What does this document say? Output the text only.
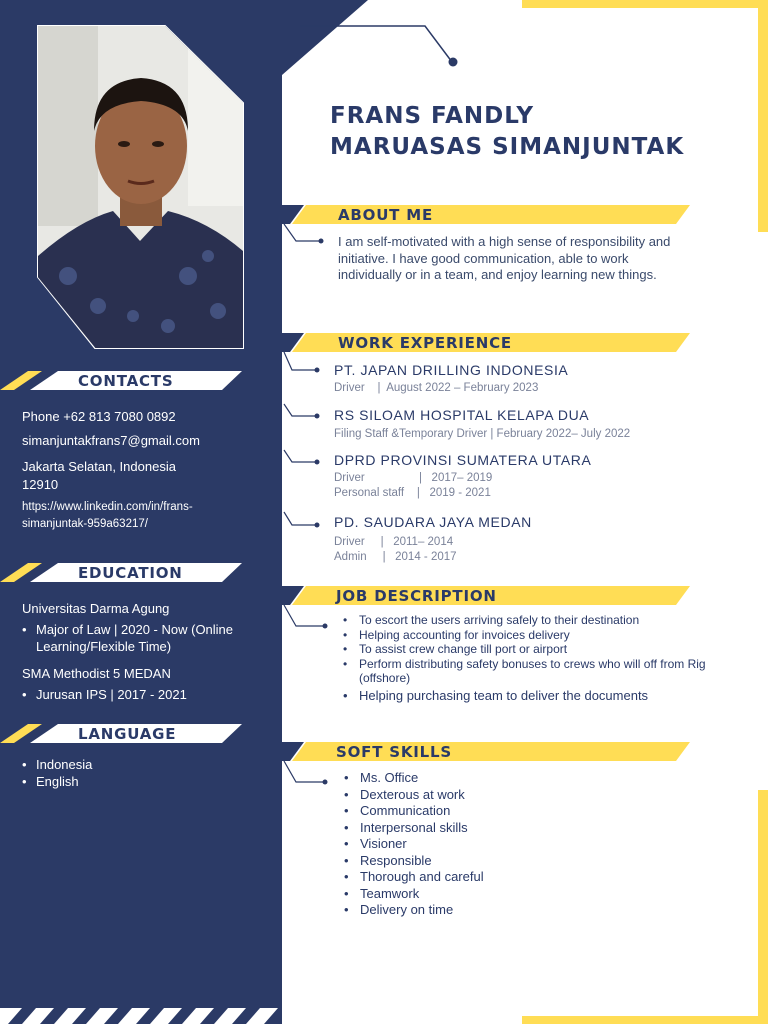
FRANS FANDLY
MARUASAS SIMANJUNTAK
CONTACTS
Phone +62 813 7080 0892
simanjuntakfrans7@gmail.com
Jakarta Selatan, Indonesia
12910
https://www.linkedin.com/in/frans-
simanjuntak-959a63217/
EDUCATION
Universitas Darma Agung
• Major of Law | 2020 - Now (Online Learning/Flexible Time)
SMA Methodist 5 MEDAN
• Jurusan IPS | 2017 - 2021
LANGUAGE
• Indonesia
• English
ABOUT ME
I am self-motivated with a high sense of responsibility and initiative. I have good communication, able to work individually or in a team, and enjoy learning new things.
WORK EXPERIENCE
PT. JAPAN DRILLING INDONESIA
Driver    |  August 2022 – February 2023
RS SILOAM HOSPITAL KELAPA DUA
Filing Staff &Temporary Driver | February 2022– July 2022
DPRD PROVINSI SUMATERA UTARA
Driver                 |   2017– 2019
Personal staff    |   2019 - 2021
PD. SAUDARA JAYA MEDAN
Driver     |   2011– 2014
Admin     |   2014 - 2017
JOB DESCRIPTION
• To escort the users arriving safely to their destination
• Helping accounting for invoices delivery
• To assist crew change till port or airport
• Perform distributing safety bonuses to crews who will off from Rig (offshore)
• Helping purchasing team to deliver the documents
SOFT SKILLS
• Ms. Office
• Dexterous at work
• Communication
• Interpersonal skills
• Visioner
• Responsible
• Thorough and careful
• Teamwork
• Delivery on time
